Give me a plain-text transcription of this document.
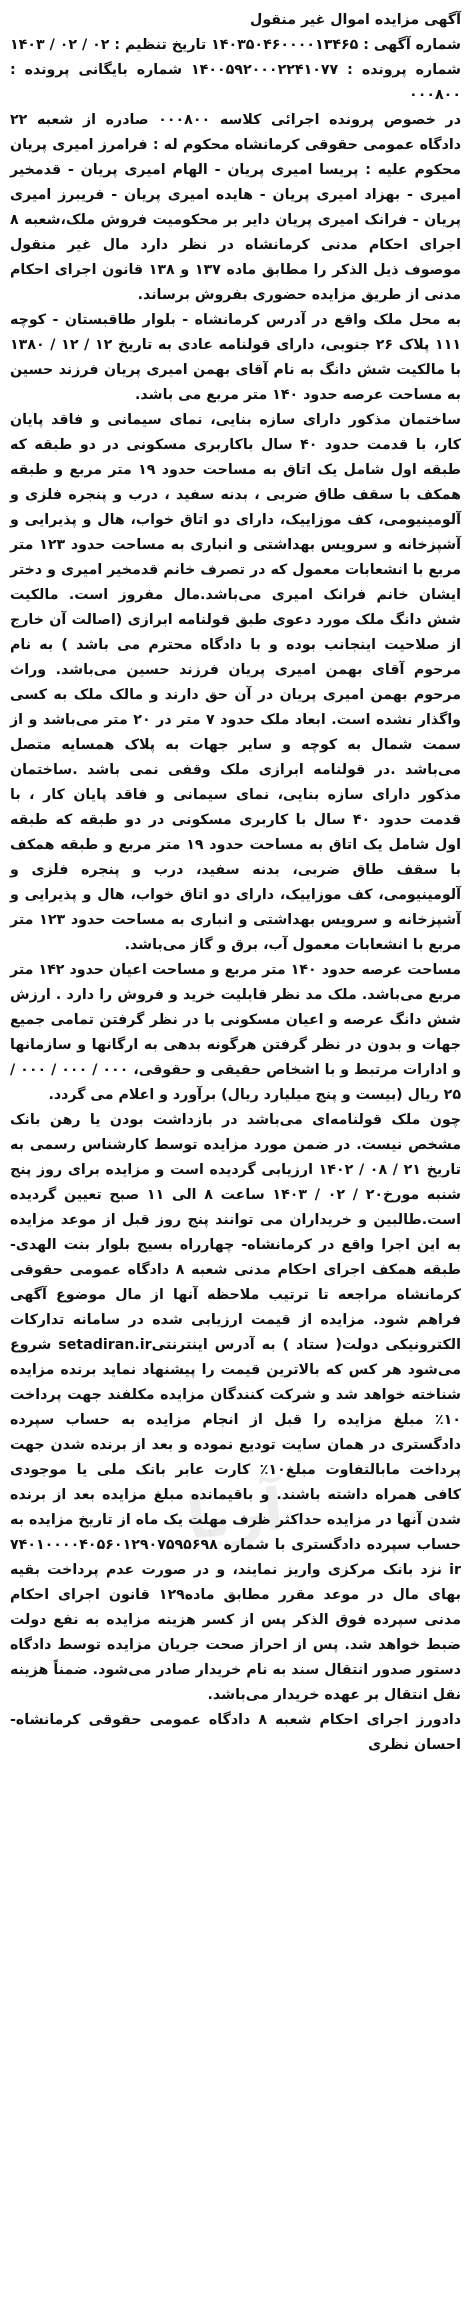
آگهی مزایده اموال غیر منقول

شماره آگهی : ۱۴۰۳۵۰۴۶۰۰۰۰۱۳۴۶۵ تاریخ تنظیم : ۰۲ / ۰۲ / ۱۴۰۳ شماره پرونده : ۱۴۰۰۵۹۲۰۰۰۲۲۴۱۰۷۷ شماره بایگانی پرونده : ۰۰۰۸۰۰

در خصوص پرونده اجرائی کلاسه ۰۰۰۸۰۰ صادره از شعبه ۲۲ دادگاه عمومی حقوقی کرمانشاه محکوم له : فرامرز امیری پریان محکوم علیه : پریسا امیری پریان - الهام امیری پریان - قدمخیر امیری - بهزاد امیری پریان - هایده امیری پریان - فریبرز امیری پریان - فرانک امیری پریان دایر بر محکومیت فروش ملک،شعبه ۸ اجرای احکام مدنی کرمانشاه در نظر دارد مال غیر منقول موصوف ذیل الذکر را مطابق ماده ۱۳۷ و ۱۳۸ قانون اجرای احکام مدنی از طریق مزایده حضوری بفروش برساند.

به محل ملک واقع در آدرس کرمانشاه - بلوار طاقبستان - کوچه ۱۱۱ پلاک ۲۶ جنوبی، دارای قولنامه عادی به تاریخ ۱۲ / ۱۲ / ۱۳۸۰ با مالکیت شش دانگ به نام آقای بهمن امیری پریان فرزند حسین به مساحت عرصه حدود ۱۴۰ متر مربع می باشد.

ساختمان مذکور دارای سازه بنایی، نمای سیمانی و فاقد پایان کار، با قدمت حدود ۴۰ سال باکاربری مسکونی در دو طبقه که طبقه اول شامل یک اتاق به مساحت حدود ۱۹ متر مربع و طبقه همکف با سقف طاق ضربی ، بدنه سفید ، درب و پنجره فلزی و آلومینیومی، کف موزاییک، دارای دو اتاق خواب، هال و پذیرایی و آشپزخانه و سرویس بهداشتی و انباری به مساحت حدود ۱۲۳ متر مربع با انشعابات معمول که در تصرف خانم قدمخیر امیری و دختر ایشان خانم فرانک امیری می‌باشد.مال مفروز است. مالکیت شش دانگ ملک مورد دعوی طبق قولنامه ابرازی (اصالت آن خارج از صلاحیت اینجانب بوده و با دادگاه محترم می باشد ) به نام مرحوم آقای بهمن امیری پریان فرزند حسین می‌باشد. وراث مرحوم بهمن امیری پریان در آن حق دارند و مالک ملک به کسی واگذار نشده است. ابعاد ملک حدود ۷ متر در ۲۰ متر می‌باشد و از سمت شمال به کوچه و سایر جهات به پلاک همسایه متصل می‌باشد .در قولنامه ابرازی ملک وقفی نمی باشد .ساختمان مذکور دارای سازه بنایی، نمای سیمانی و فاقد پایان کار ، با قدمت حدود ۴۰ سال با کاربری مسکونی در دو طبقه که طبقه اول شامل یک اتاق به مساحت حدود ۱۹ متر مربع و طبقه همکف با سقف طاق ضربی، بدنه سفید، درب و پنجره فلزی و آلومینیومی، کف موزاییک، دارای دو اتاق خواب، هال و پذیرایی و آشپزخانه و سرویس بهداشتی و انباری به مساحت حدود ۱۲۳ متر مربع با انشعابات معمول آب، برق و گاز می‌باشد.

مساحت عرصه حدود ۱۴۰ متر مربع و مساحت اعیان حدود ۱۴۲ متر مربع می‌باشد. ملک مد نظر قابلیت خرید و فروش را دارد . ارزش شش دانگ عرصه و اعیان مسکونی با در نظر گرفتن تمامی جمیع جهات و بدون در نظر گرفتن هرگونه بدهی به ارگانها و سازمانها و ادارات مرتبط و با اشخاص حقیقی و حقوقی، ۰۰۰ / ۰۰۰ / ۰۰۰ / ۲۵ ریال (بیست و پنج میلیارد ریال) برآورد و اعلام می گردد.

چون ملک قولنامه‌ای می‌باشد در بازداشت بودن یا رهن بانک مشخص نیست. در ضمن مورد مزایده توسط کارشناس رسمی به تاریخ ۲۱ / ۰۸ / ۱۴۰۲ ارزیابی گردیده است و مزایده برای روز پنج شنبه مورخ۲۰ / ۰۲ / ۱۴۰۳ ساعت ۸ الی ۱۱ صبح تعیین گردیده است.طالبین و خریداران می توانند پنج روز قبل از موعد مزایده به این اجرا واقع در کرمانشاه- چهارراه بسیج بلوار بنت الهدی- طبقه همکف اجرای احکام مدنی شعبه ۸ دادگاه عمومی حقوقی کرمانشاه مراجعه تا ترتیب ملاحظه آنها از مال موضوع آگهی فراهم شود. مزایده از قیمت ارزیابی شده در سامانه تدارکات الکترونیکی دولت( ستاد ) به آدرس اینترنتیsetadiran.ir شروع می‌شود هر کس که بالاترین قیمت را پیشنهاد نماید برنده مزایده شناخته خواهد شد و شرکت کنندگان مزایده مکلفند جهت پرداخت ۱۰٪ مبلغ مزایده را قبل از انجام مزایده به حساب سپرده دادگستری در همان سایت تودیع نموده و بعد از برنده شدن جهت پرداخت مابالتفاوت مبلغ۱۰٪ کارت عابر بانک ملی یا موجودی کافی همراه داشته باشند. و باقیمانده مبلغ مزایده بعد از برنده شدن آنها در مزایده حداکثر ظرف مهلت یک ماه از تاریخ مزایده به حساب سپرده دادگستری با شماره ۷۴۰۱۰۰۰۰۴۰۵۶۰۱۲۹۰۷۵۹۵۶۹۸ ir نزد بانک مرکزی واریز نمایند، و در صورت عدم پرداخت بقیه بهای مال در موعد مقرر مطابق ماده۱۲۹ قانون اجرای احکام مدنی سپرده فوق الذکر پس از کسر هزینه مزایده به نفع دولت ضبط خواهد شد. پس از احراز صحت جریان مزایده توسط دادگاه دستور صدور انتقال سند به نام خریدار صادر می‌شود. ضمناً هزینه نقل انتقال بر عهده خریدار می‌باشد.

دادورز اجرای احکام شعبه ۸ دادگاه عمومی حقوقی کرمانشاه- احسان نظری

آریا
